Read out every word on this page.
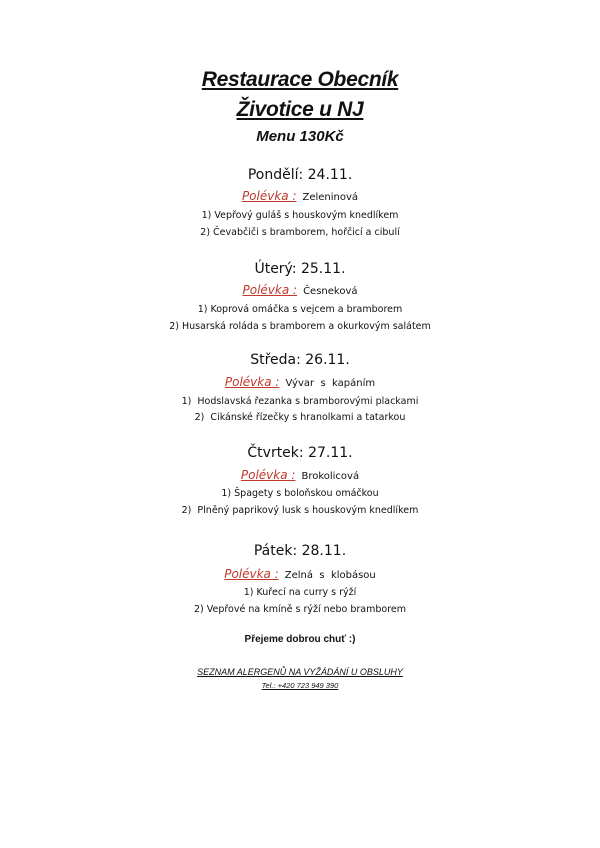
Restaurace Obecník
Životice u NJ
Menu 130Kč
Pondělí: 24.11.
Polévka : Zeleninová
1) Vepřový guláš s houskovým knedlíkem
2) Čevabčiči s bramborem, hořčicí a cibulí
Úterý: 25.11.
Polévka : Česneková
1) Koprová omáčka s vejcem a bramborem
2) Husarská roláda s bramborem a okurkovým salátem
Středa: 26.11.
Polévka : Vývar  s  kapáním
1)  Hodslavská řezanka s bramborovými plackami
2)  Cikánské řízečky s hranolkami a tatarkou
Čtvrtek: 27.11.
Polévka : Brokolicová
1) Špagety s boloňskou omáčkou
2)  Plněný paprikový lusk s houskovým knedlíkem
Pátek: 28.11.
Polévka : Zelná  s  klobásou
1) Kuřecí na curry s rýží
2) Vepřové na kmíně s rýží nebo bramborem
Přejeme dobrou chuť :)
SEZNAM ALERGENŮ NA VYŽÁDÁNÍ U OBSLUHY
Tel.: +420 723 949 390
